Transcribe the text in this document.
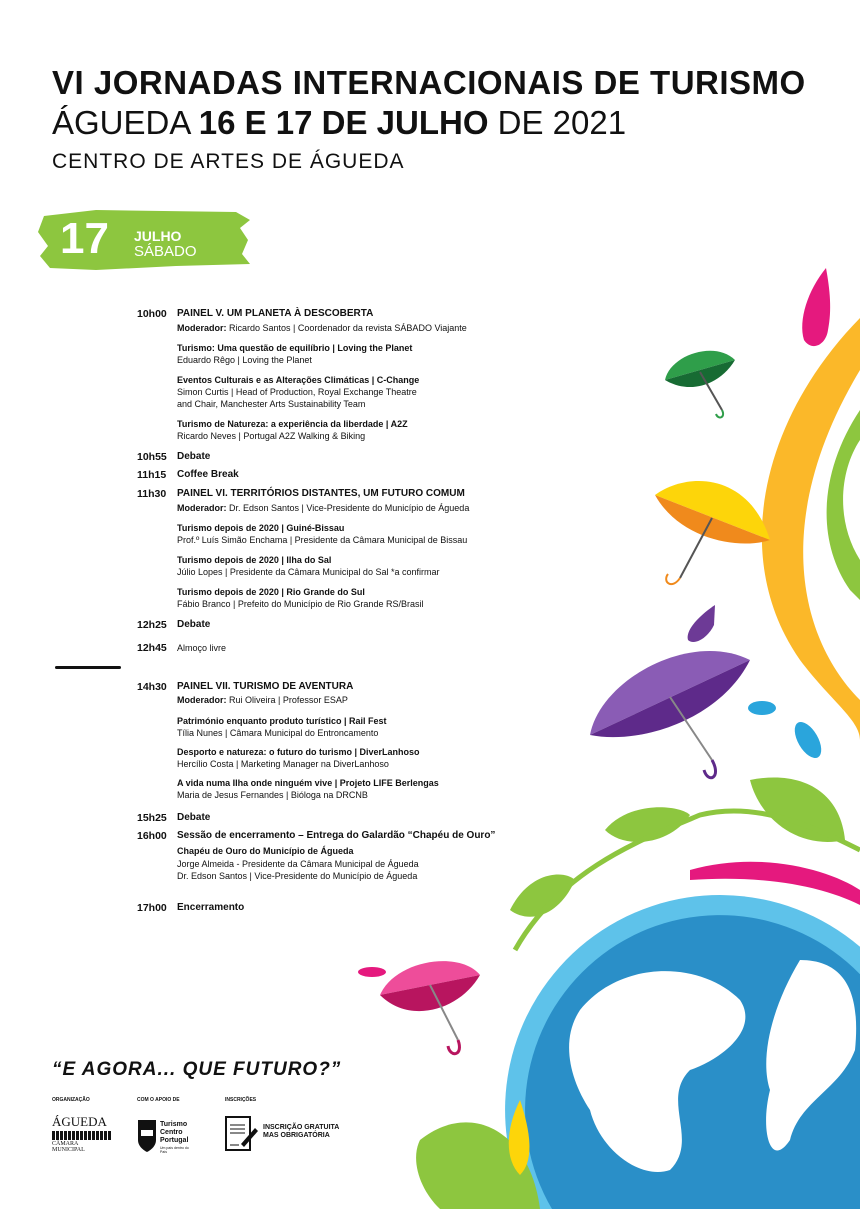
VI JORNADAS INTERNACIONAIS DE TURISMO
ÁGUEDA 16 E 17 DE JULHO DE 2021
CENTRO DE ARTES DE ÁGUEDA
17 JULHO
SÁBADO
10h00 PAINEL V. UM PLANETA À DESCOBERTA
Moderador: Ricardo Santos | Coordenador da revista SÁBADO Viajante
Turismo: Uma questão de equilíbrio | Loving the Planet
Eduardo Rêgo | Loving the Planet
Eventos Culturais e as Alterações Climáticas | C-Change
Simon Curtis | Head of Production, Royal Exchange Theatre
and Chair, Manchester Arts Sustainability Team
Turismo de Natureza: a experiência da liberdade | A2Z
Ricardo Neves | Portugal A2Z Walking & Biking
10h55 Debate
11h15 Coffee Break
11h30 PAINEL VI. TERRITÓRIOS DISTANTES, UM FUTURO COMUM
Moderador: Dr. Edson Santos | Vice-Presidente do Município de Águeda
Turismo depois de 2020 | Guiné-Bissau
Prof.º Luís Simão Enchama | Presidente da Câmara Municipal de Bissau
Turismo depois de 2020 | Ilha do Sal
Júlio Lopes | Presidente da Câmara Municipal do Sal *a confirmar
Turismo depois de 2020 | Rio Grande do Sul
Fábio Branco | Prefeito do Município de Rio Grande RS/Brasil
12h25 Debate
12h45 Almoço livre
14h30 PAINEL VII. TURISMO DE AVENTURA
Moderador: Rui Oliveira | Professor ESAP
Património enquanto produto turístico | Rail Fest
Tília Nunes | Câmara Municipal do Entroncamento
Desporto e natureza: o futuro do turismo | DiverLanhoso
Hercílio Costa | Marketing Manager na DiverLanhoso
A vida numa Ilha onde ninguém vive | Projeto LIFE Berlengas
Maria de Jesus Fernandes | Bióloga na DRCNB
15h25 Debate
16h00 Sessão de encerramento – Entrega do Galardão “Chapéu de Ouro”
Chapéu de Ouro do Município de Águeda
Jorge Almeida - Presidente da Câmara Municipal de Águeda
Dr. Edson Santos | Vice-Presidente do Município de Águeda
17h00 Encerramento
“E AGORA... QUE FUTURO?”
ORGANIZAÇÃO	COM O APOIO DE	INSCRIÇÕES
ÁGUEDA
CÂMARA MUNICIPAL
Turismo Centro Portugal
Um país dentro do País
INSCRIÇÃO GRATUITA
MAS OBRIGATÓRIA
